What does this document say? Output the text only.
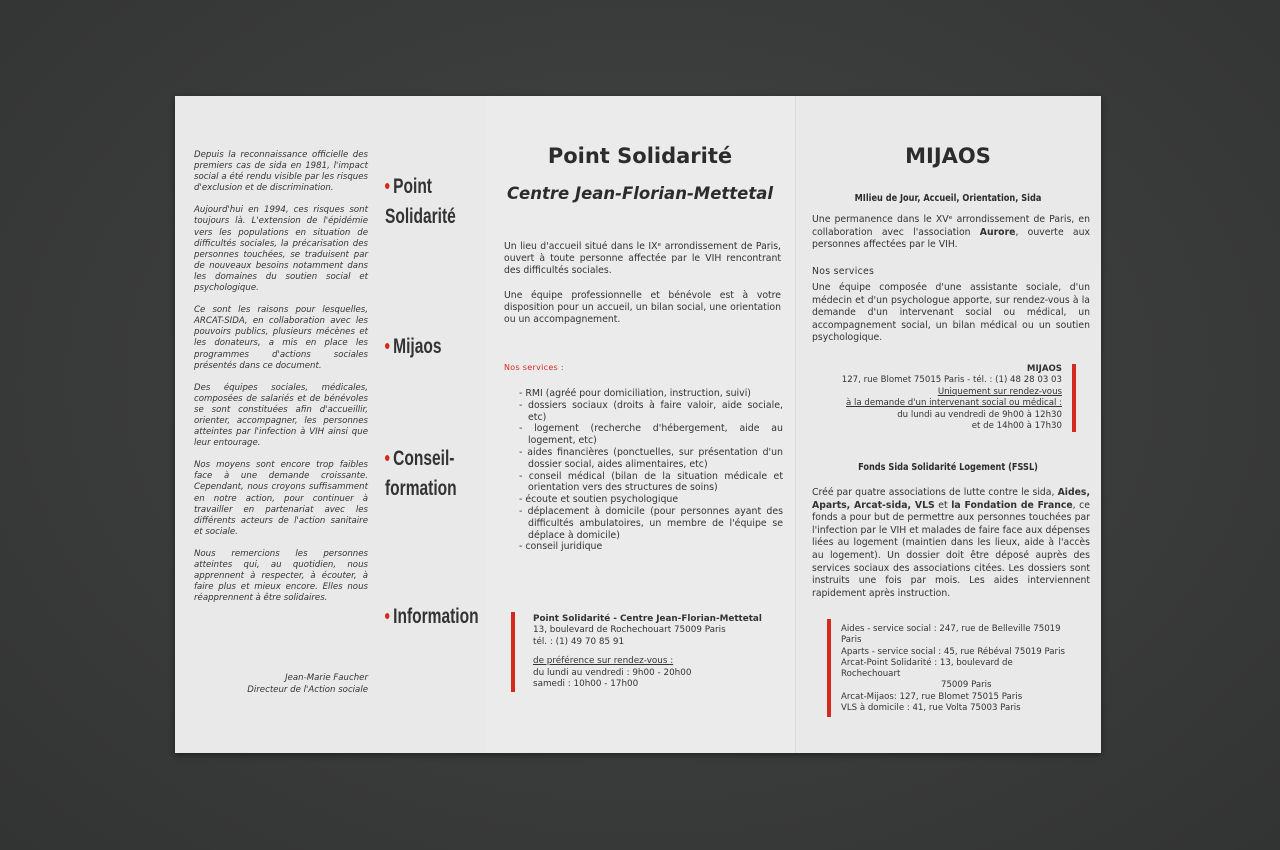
Depuis la reconnaissance officielle des premiers cas de sida en 1981, l'impact social a été rendu visible par les risques d'exclusion et de discrimination.

Aujourd'hui en 1994, ces risques sont toujours là. L'extension de l'épidémie vers les populations en situation de difficultés sociales, la précarisation des personnes touchées, se traduisent par de nouveaux besoins notamment dans les domaines du soutien social et psychologique.

Ce sont les raisons pour lesquelles, ARCAT-SIDA, en collaboration avec les pouvoirs publics, plusieurs mécènes et les donateurs, a mis en place les programmes d'actions sociales présentés dans ce document.

Des équipes sociales, médicales, composées de salariés et de bénévoles se sont constituées afin d'accueillir, orienter, accompagner, les personnes atteintes par l'infection à VIH ainsi que leur entourage.

Nos moyens sont encore trop faibles face à une demande croissante. Cependant, nous croyons suffisamment en notre action, pour continuer à travailler en partenariat avec les différents acteurs de l'action sanitaire et sociale.

Nous remercions les personnes atteintes qui, au quotidien, nous apprennent à respecter, à écouter, à faire plus et mieux encore. Elles nous réapprennent à être solidaires.

Jean-Marie Faucher
Directeur de l'Action sociale
Point
Solidarité
Mijaos
Conseil-
formation
Information
Point Solidarité
Centre Jean-Florian-Mettetal

Un lieu d'accueil situé dans le IXᵉ arrondissement de Paris, ouvert à toute personne affectée par le VIH rencontrant des difficultés sociales.

Une équipe professionnelle et bénévole est à votre disposition pour un accueil, un bilan social, une orientation ou un accompagnement.

Nos services :
- RMI (agréé pour domiciliation, instruction, suivi)
- dossiers sociaux (droits à faire valoir, aide sociale, etc)
- logement (recherche d'hébergement, aide au logement, etc)
- aides financières (ponctuelles, sur présentation d'un dossier social, aides alimentaires, etc)
- conseil médical (bilan de la situation médicale et orientation vers des structures de soins)
- écoute et soutien psychologique
- déplacement à domicile (pour personnes ayant des difficultés ambulatoires, un membre de l'équipe se déplace à domicile)
- conseil juridique
Point Solidarité - Centre Jean-Florian-Mettetal
13, boulevard de Rochechouart 75009 Paris
tél. : (1) 49 70 85 91
de préférence sur rendez-vous :
du lundi au vendredi : 9h00 - 20h00
samedi : 10h00 - 17h00
MIJAOS
MIlieu de Jour, Accueil, Orientation, Sida

Une permanence dans le XVᵉ arrondissement de Paris, en collaboration avec l'association Aurore, ouverte aux personnes affectées par le VIH.

Nos services

Une équipe composée d'une assistante sociale, d'un médecin et d'un psychologue apporte, sur rendez-vous à la demande d'un intervenant social ou médical, un accompagnement social, un bilan médical ou un soutien psychologique.

MIJAOS
127, rue Blomet 75015 Paris - tél. : (1) 48 28 03 03
Uniquement sur rendez-vous
à la demande d'un intervenant social ou médical :
du lundi au vendredi de 9h00 à 12h30
et de 14h00 à 17h30
Fonds Sida Solidarité Logement (FSSL)

Créé par quatre associations de lutte contre le sida, Aides, Aparts, Arcat-sida, VLS et la Fondation de France, ce fonds a pour but de permettre aux personnes touchées par l'infection par le VIH et malades de faire face aux dépenses liées au logement (maintien dans les lieux, aide à l'accès au logement). Un dossier doit être déposé auprès des services sociaux des associations citées. Les dossiers sont instruits une fois par mois. Les aides interviennent rapidement après instruction.

Aides - service social : 247, rue de Belleville 75019 Paris
Aparts - service social : 45, rue Rébéval 75019 Paris
Arcat-Point Solidarité : 13, boulevard de Rochechouart
75009 Paris
Arcat-Mijaos: 127, rue Blomet 75015 Paris
VLS à domicile : 41, rue Volta 75003 Paris
